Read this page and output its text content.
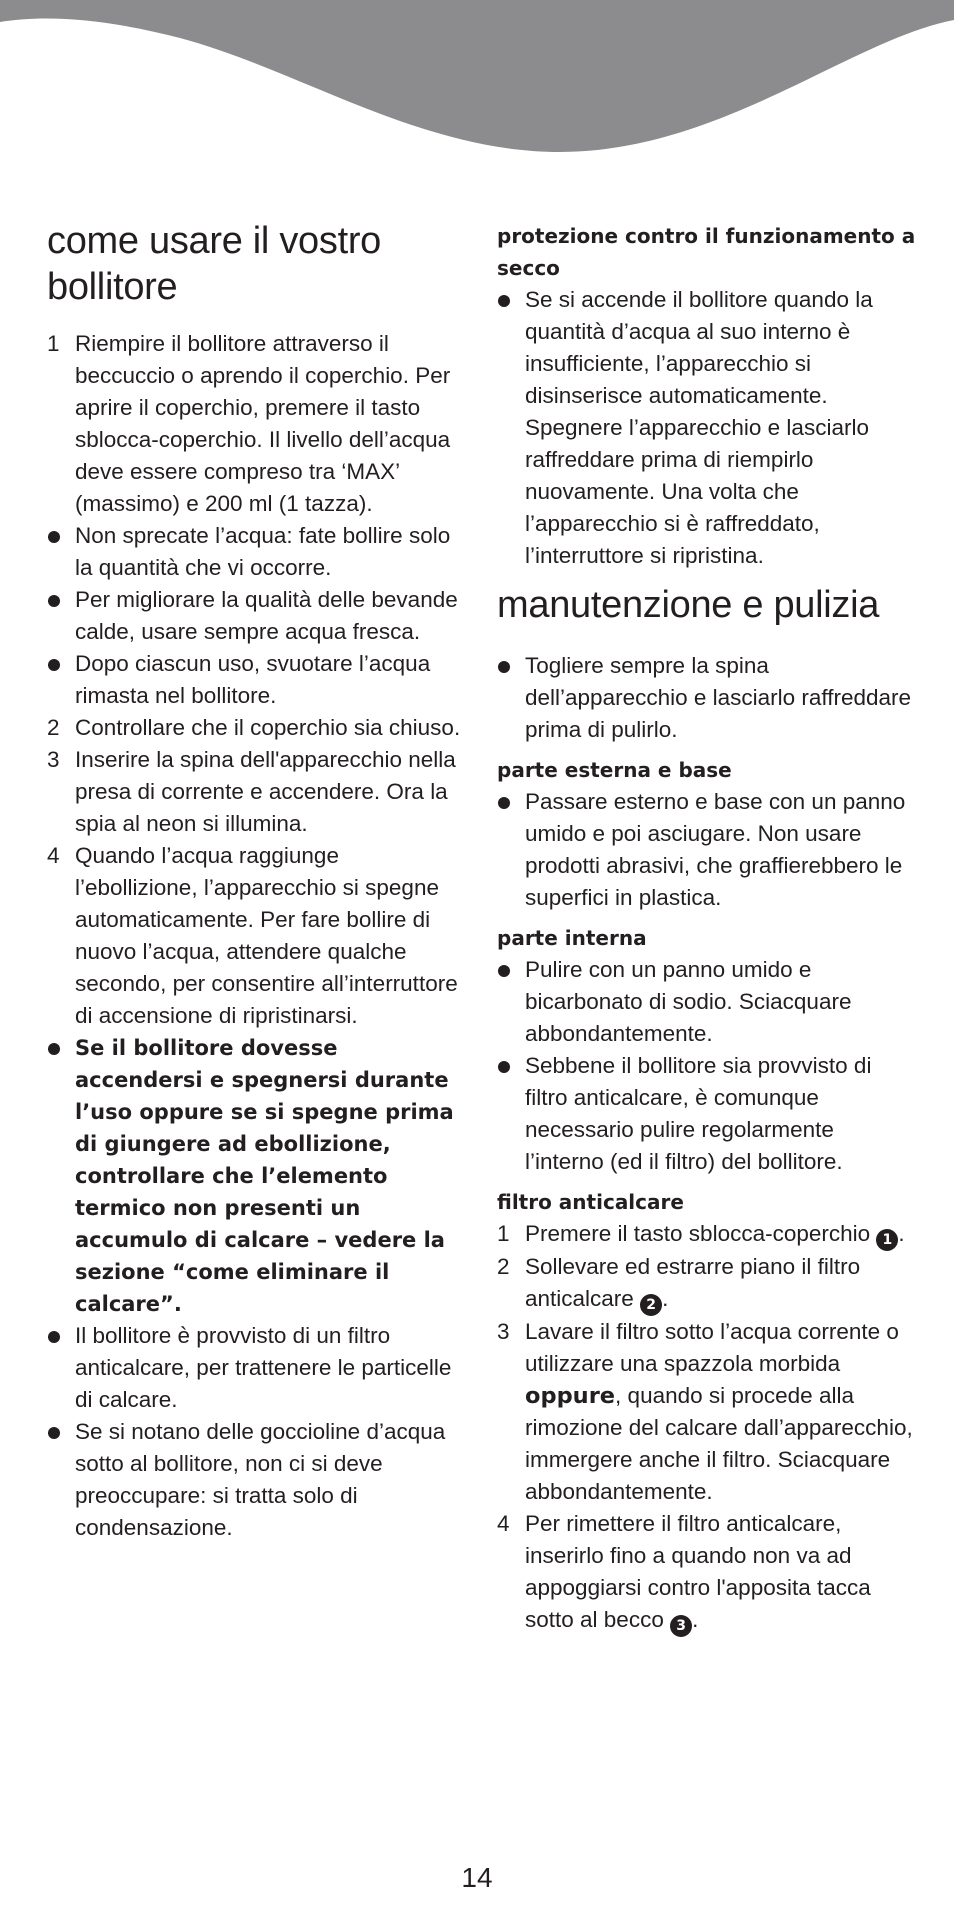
come usare il vostro bollitore
1 Riempire il bollitore attraverso il beccuccio o aprendo il coperchio. Per aprire il coperchio, premere il tasto sblocca-coperchio. Il livello dell’acqua deve essere compreso tra ‘MAX’ (massimo) e 200 ml (1 tazza).
Non sprecate l’acqua: fate bollire solo la quantità che vi occorre.
Per migliorare la qualità delle bevande calde, usare sempre acqua fresca.
Dopo ciascun uso, svuotare l’acqua rimasta nel bollitore.
2 Controllare che il coperchio sia chiuso.
3 Inserire la spina dell'apparecchio nella presa di corrente e accendere. Ora la spia al neon si illumina.
4 Quando l’acqua raggiunge l’ebollizione, l’apparecchio si spegne automaticamente. Per fare bollire di nuovo l’acqua, attendere qualche secondo, per consentire all’interruttore di accensione di ripristinarsi.
Se il bollitore dovesse accendersi e spegnersi durante l’uso oppure se si spegne prima di giungere ad ebollizione, controllare che l’elemento termico non presenti un accumulo di calcare – vedere la sezione “come eliminare il calcare”.
Il bollitore è provvisto di un filtro anticalcare, per trattenere le particelle di calcare.
Se si notano delle goccioline d’acqua sotto al bollitore, non ci si deve preoccupare: si tratta solo di condensazione.

protezione contro il funzionamento a secco

Se si accende il bollitore quando la quantità d’acqua al suo interno è insufficiente, l’apparecchio si disinserisce automaticamente. Spegnere l’apparecchio e lasciarlo raffreddare prima di riempirlo nuovamente. Una volta che l’apparecchio si è raffreddato, l’interruttore si ripristina.
manutenzione e pulizia
Togliere sempre la spina dell’apparecchio e lasciarlo raffreddare prima di pulirlo.

parte esterna e base

Passare esterno e base con un panno umido e poi asciugare. Non usare prodotti abrasivi, che graffierebbero le superfici in plastica.

parte interna

Pulire con un panno umido e bicarbonato di sodio. Sciacquare abbondantemente.
Sebbene il bollitore sia provvisto di filtro anticalcare, è comunque necessario pulire regolarmente l’interno (ed il filtro) del bollitore.

filtro anticalcare

1 Premere il tasto sblocca-coperchio 1 .
2 Sollevare ed estrarre piano il filtro anticalcare 2 .
3 Lavare il filtro sotto l’acqua corrente o utilizzare una spazzola morbida oppure, quando si procede alla rimozione del calcare dall’apparecchio, immergere anche il filtro. Sciacquare abbondantemente.
4 Per rimettere il filtro anticalcare, inserirlo fino a quando non va ad appoggiarsi contro l'apposita tacca sotto al becco 3 .
14
